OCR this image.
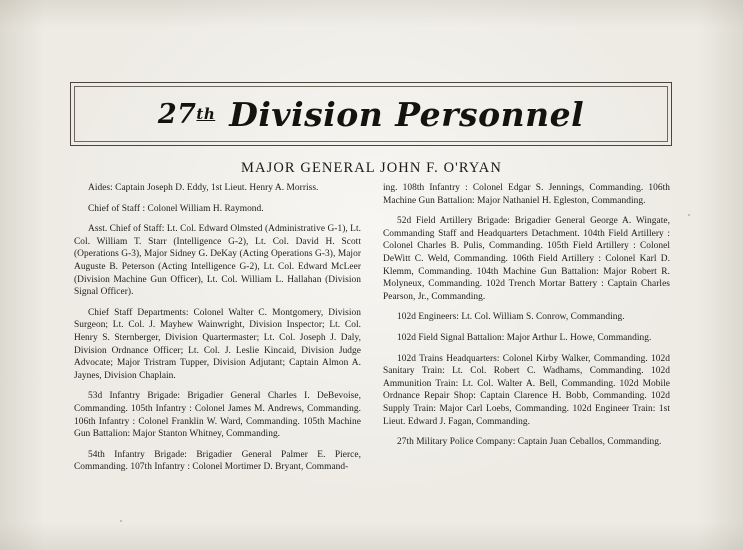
27 th Division Personnel
MAJOR GENERAL JOHN F. O'RYAN

Aides: Captain Joseph D. Eddy, 1st Lieut. Henry A. Morriss.

Chief of Staff : Colonel William H. Raymond.

Asst. Chief of Staff: Lt. Col. Edward Olmsted (Administrative G-1), Lt. Col. William T. Starr (Intelligence G-2), Lt. Col. David H. Scott (Operations G-3), Major Sidney G. DeKay (Acting Operations G-3), Major Auguste B. Peterson (Acting Intelligence G-2), Lt. Col. Edward McLeer (Division Machine Gun Officer), Lt. Col. William L. Hallahan (Division Signal Officer).

Chief Staff Departments: Colonel Walter C. Montgomery, Division Surgeon; Lt. Col. J. Mayhew Wainwright, Division Inspector; Lt. Col. Henry S. Sternberger, Division Quartermaster; Lt. Col. Joseph J. Daly, Division Ordnance Officer; Lt. Col. J. Leslie Kincaid, Division Judge Advocate; Major Tristram Tupper, Division Adjutant; Captain Almon A. Jaynes, Division Chaplain.

53d Infantry Brigade: Brigadier General Charles I. DeBevoise, Commanding. 105th Infantry : Colonel James M. Andrews, Commanding. 106th Infantry : Colonel Franklin W. Ward, Commanding. 105th Machine Gun Battalion: Major Stanton Whitney, Commanding.

54th Infantry Brigade: Brigadier General Palmer E. Pierce, Commanding. 107th Infantry : Colonel Mortimer D. Bryant, Command-

ing. 108th Infantry : Colonel Edgar S. Jennings, Commanding. 106th Machine Gun Battalion: Major Nathaniel H. Egleston, Commanding.

52d Field Artillery Brigade: Brigadier General George A. Wingate, Commanding Staff and Headquarters Detachment. 104th Field Artillery : Colonel Charles B. Pulis, Commanding. 105th Field Artillery : Colonel DeWitt C. Weld, Commanding. 106th Field Artillery : Colonel Karl D. Klemm, Commanding. 104th Machine Gun Battalion: Major Robert R. Molyneux, Commanding. 102d Trench Mortar Battery : Captain Charles Pearson, Jr., Commanding.

102d Engineers: Lt. Col. William S. Conrow, Commanding.

102d Field Signal Battalion: Major Arthur L. Howe, Commanding.

102d Trains Headquarters: Colonel Kirby Walker, Commanding. 102d Sanitary Train: Lt. Col. Robert C. Wadhams, Commanding. 102d Ammunition Train: Lt. Col. Walter A. Bell, Commanding. 102d Mobile Ordnance Repair Shop: Captain Clarence H. Bobb, Commanding. 102d Supply Train: Major Carl Loebs, Commanding. 102d Engineer Train: 1st Lieut. Edward J. Fagan, Commanding.

27th Military Police Company: Captain Juan Ceballos, Commanding.
